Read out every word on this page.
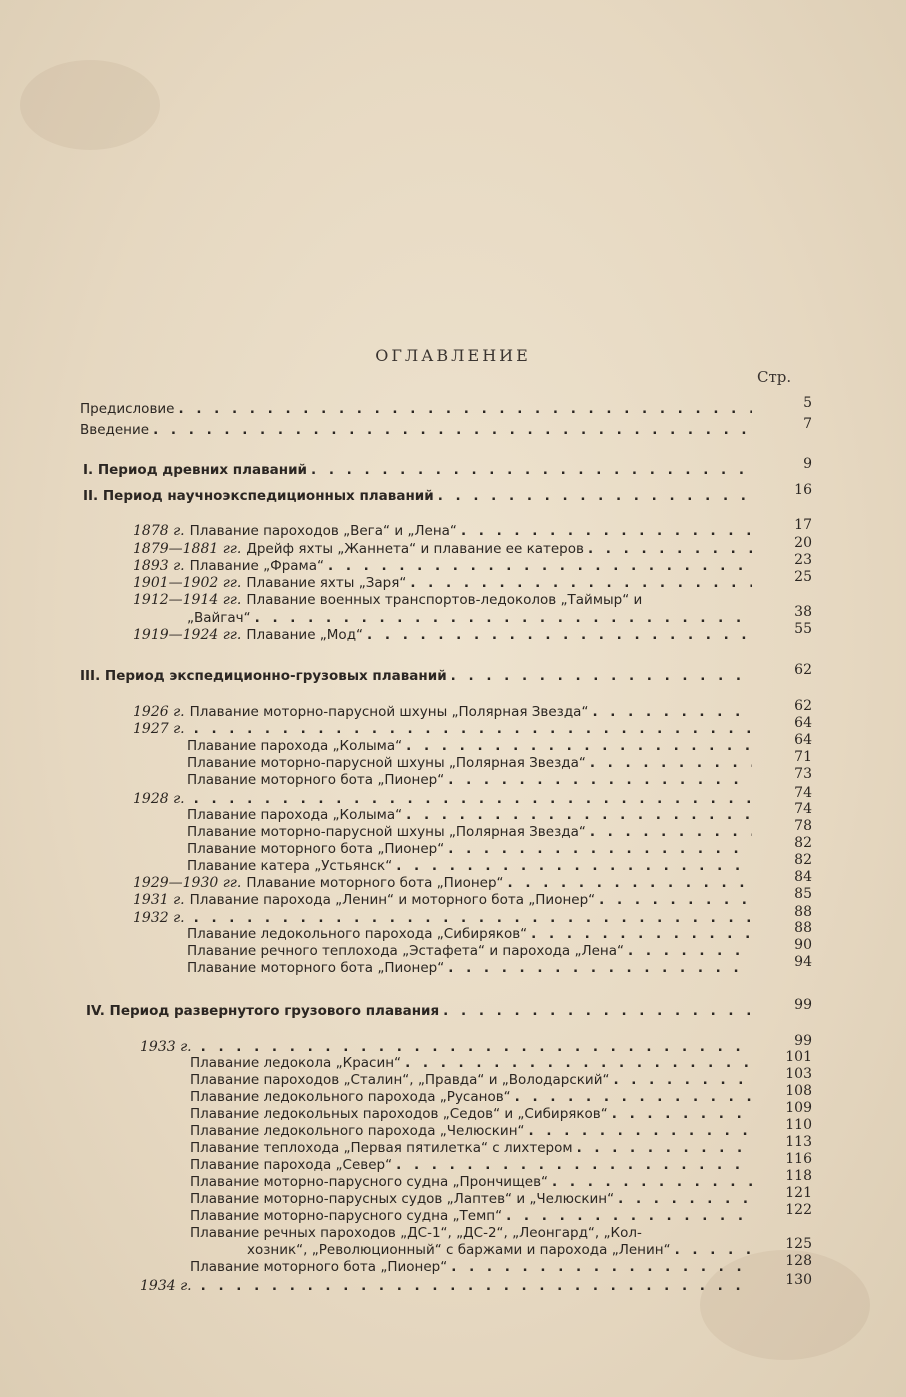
ОГЛАВЛЕНИЕ
Стр.
Предисловие . . .	5
Введение . . .	7
I. Период древних плаваний . . .	9
II. Период научноэкспедиционных плаваний . . .	16
1878 г. Плавание пароходов „Вега“ и „Лена“ . . .	17
1879—1881 гг. Дрейф яхты „Жаннета“ и плавание ее катеров . . .	20
1893 г. Плавание „Фрама“ . . .	23
1901—1902 гг. Плавание яхты „Заря“ . . .	25
1912—1914 гг. Плавание военных транспортов-ледоколов „Таймыр“ и
„Вайгач“ . . .	38
1919—1924 гг. Плавание „Мод“ . . .	55
III. Период экспедиционно-грузовых плаваний . . .	62
1926 г. Плавание моторно-парусной шхуны „Полярная Звезда“ . . .	62
1927 г. . . .	64
Плавание парохода „Колыма“ . . .	64
Плавание моторно-парусной шхуны „Полярная Звезда“ . . .	71
Плавание моторного бота „Пионер“ . . .	73
1928 г. . . .	74
Плавание парохода „Колыма“ . . .	74
Плавание моторно-парусной шхуны „Полярная Звезда“ . . .	78
Плавание моторного бота „Пионер“ . . .	82
Плавание катера „Устьянск“ . . .	82
1929—1930 гг. Плавание моторного бота „Пионер“ . . .	84
1931 г. Плавание парохода „Ленин“ и моторного бота „Пионер“ . . .	85
1932 г. . . .	88
Плавание ледокольного парохода „Сибиряков“ . . .	88
Плавание речного теплохода „Эстафета“ и парохода „Лена“ . . .	90
Плавание моторного бота „Пионер“ . . .	94
IV. Период развернутого грузового плавания . . .	99
1933 г. . . .	99
Плавание ледокола „Красин“ . . .	101
Плавание пароходов „Сталин“, „Правда“ и „Володарский“ . . .	103
Плавание ледокольного парохода „Русанов“ . . .	108
Плавание ледокольных пароходов „Седов“ и „Сибиряков“ . . .	109
Плавание ледокольного парохода „Челюскин“ . . .	110
Плавание теплохода „Первая пятилетка“ с лихтером . . .	113
Плавание парохода „Север“ . . .	116
Плавание моторно-парусного судна „Прончищев“ . . .	118
Плавание моторно-парусных судов „Лаптев“ и „Челюскин“ . . .	121
Плавание моторно-парусного судна „Темп“ . . .	122
Плавание речных пароходов „ДС-1“, „ДС-2“, „Леонгард“, „Кол-
хозник“, „Революционный“ с баржами и парохода „Ленин“ . . .	125
Плавание моторного бота „Пионер“ . . .	128
1934 г. . . .	130
